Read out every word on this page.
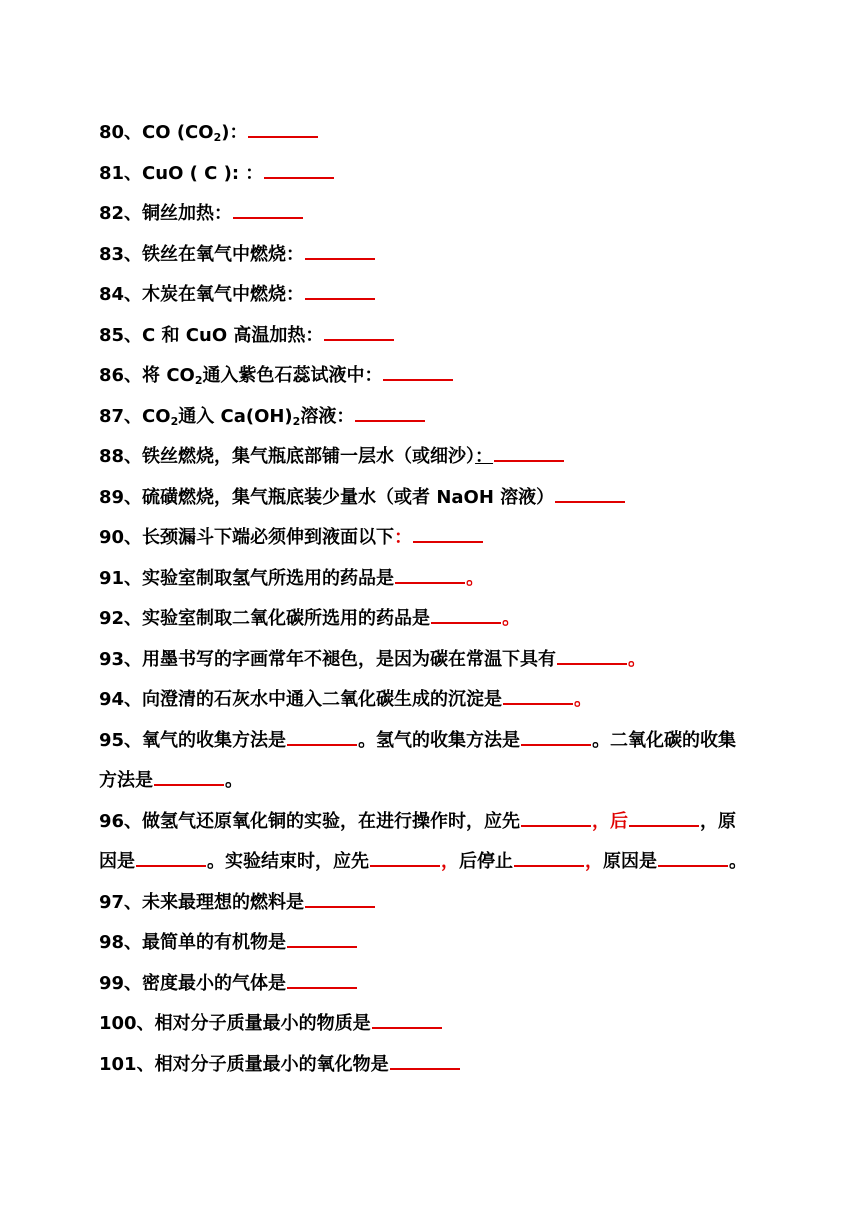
80、CO $(CO_2)$：
81、CuO ( C ): ：
82、铜丝加热：
83、铁丝在氧气中燃烧：
84、木炭在氧气中燃烧：
85、C 和 CuO 高温加热：
86、将 $CO_2$通入紫色石蕊试液中：
87、$CO_2$通入 $Ca(OH)_2$溶液：
88、铁丝燃烧，集气瓶底部铺一层水（或细沙）：
89、硫磺燃烧，集气瓶底装少量水（或者 NaOH 溶液）
90、长颈漏斗下端必须伸到液面以下：
91、实验室制取氢气所选用的药品是	。
92、实验室制取二氧化碳所选用的药品是	。
93、用墨书写的字画常年不褪色，是因为碳在常温下具有	。
94、向澄清的石灰水中通入二氧化碳生成的沉淀是	。
95、氧气的收集方法是	。氢气的收集方法是	。二氧化碳的收集
方法是	。
96、做氢气还原氧化铜的实验，在进行操作时，应先	，后	，原
因是	。实验结束时，应先	，后停止	，原因是	。
97、未来最理想的燃料是
98、最简单的有机物是
99、密度最小的气体是
100、相对分子质量最小的物质是
101、相对分子质量最小的氧化物是
